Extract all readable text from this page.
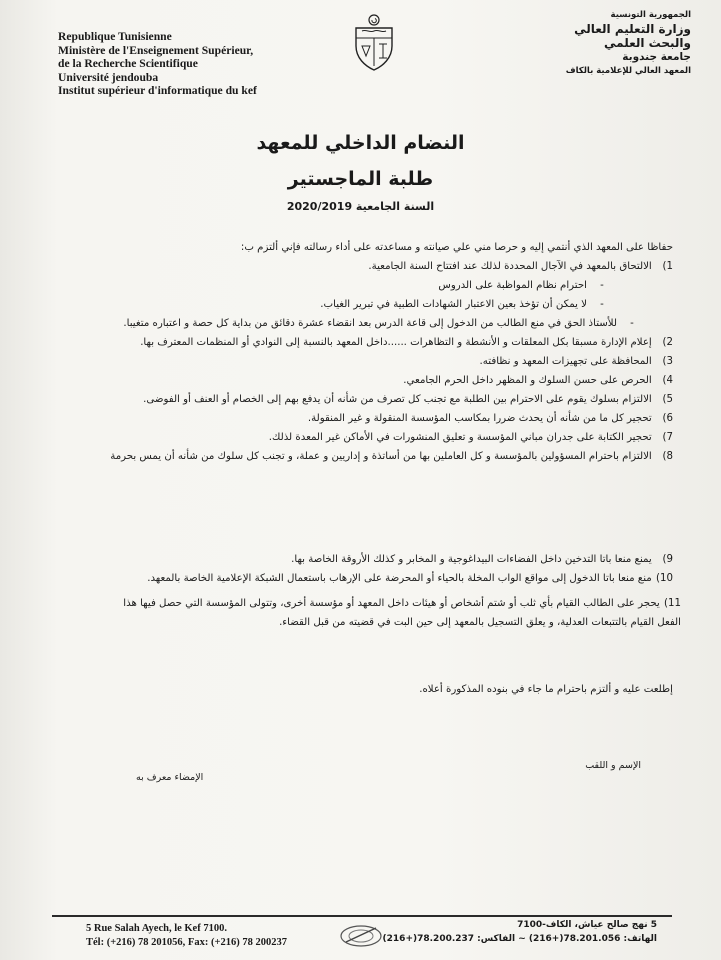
Republique Tunisienne
Ministère de l'Enseignement Supérieur,
de la Recherche Scientifique
Université jendouba
Institut supérieur d'informatique du kef
الجمهورية التونسية
وزارة التعليم العالي
والبحث العلمي
جامعة جندوبة
المعهد العالي للإعلامية بالكاف
النضام الداخلي للمعهد
طلبة الماجستير
السنة الجامعية 2020/2019
حفاظا على المعهد الذي أنتمي إليه و حرصا مني علي صيانته و مساعدته على أداء رسالته فإني ألتزم ب:
1) الالتحاق بالمعهد في الآجال المحددة لذلك عند افتتاح السنة الجامعية.
-احترام نظام المواظبة على الدروس
-لا يمكن أن تؤخذ بعين الاعتبار الشهادات الطبية في تبرير الغياب.
-للأستاذ الحق في منع الطالب من الدخول إلى قاعة الدرس بعد انقضاء عشرة دقائق من بداية كل حصة و اعتباره متغيبا.
2) إعلام الإدارة مسبقا بكل المعلقات و الأنشطة و التظاهرات ......داخل المعهد بالنسبة إلى النوادي أو المنظمات المعترف بها.
3) المحافظة على تجهيزات المعهد و نظافته.
4) الحرص على حسن السلوك و المظهر داخل الحرم الجامعي.
5) الالتزام بسلوك يقوم على الاحترام بين الطلبة مع تجنب كل تصرف من شأنه أن يدفع بهم إلى الخصام أو العنف أو الفوضى.
6) تحجير كل ما من شأنه أن يحدث ضررا بمكاسب المؤسسة المنقولة و غير المنقولة.
7) تحجير الكتابة على جدران مباني المؤسسة و تعليق المنشورات في الأماكن غير المعدة لذلك.
8) الالتزام باحترام المسؤولين بالمؤسسة و كل العاملين بها من أساتذة و إداريين و عملة، و تجنب كل سلوك من شأنه أن يمس بحرمة
9) يمنع منعا باتا التدخين داخل الفضاءات البيداغوجية و المخابر و كذلك الأروقة الخاصة بها.
10) منع منعا باتا الدخول إلى مواقع الواب المخلة بالحياء أو المحرضة على الإرهاب باستعمال الشبكة الإعلامية الخاصة بالمعهد.
11) يحجر على الطالب القيام بأي ثلب أو شتم أشخاص أو هيئات داخل المعهد أو مؤسسة أخرى، وتتولى المؤسسة التي حصل فيها هذا
الفعل القيام بالتتبعات العدلية، و يعلق التسجيل بالمعهد إلى حين البت في قضيته من قبل القضاء.
إطلعت عليه و ألتزم باحترام ما جاء في بنوده المذكورة أعلاه.
الإسم و اللقب
الإمضاء معرف به
5 Rue Salah Ayech, le Kef 7100.
Tél: (+216) 78 201056, Fax: (+216) 78 200237
5 نهج صالح عياش، الكاف-7100
الهاتف: 78.201.056(+216) ~ الفاكس: 78.200.237(+216)
